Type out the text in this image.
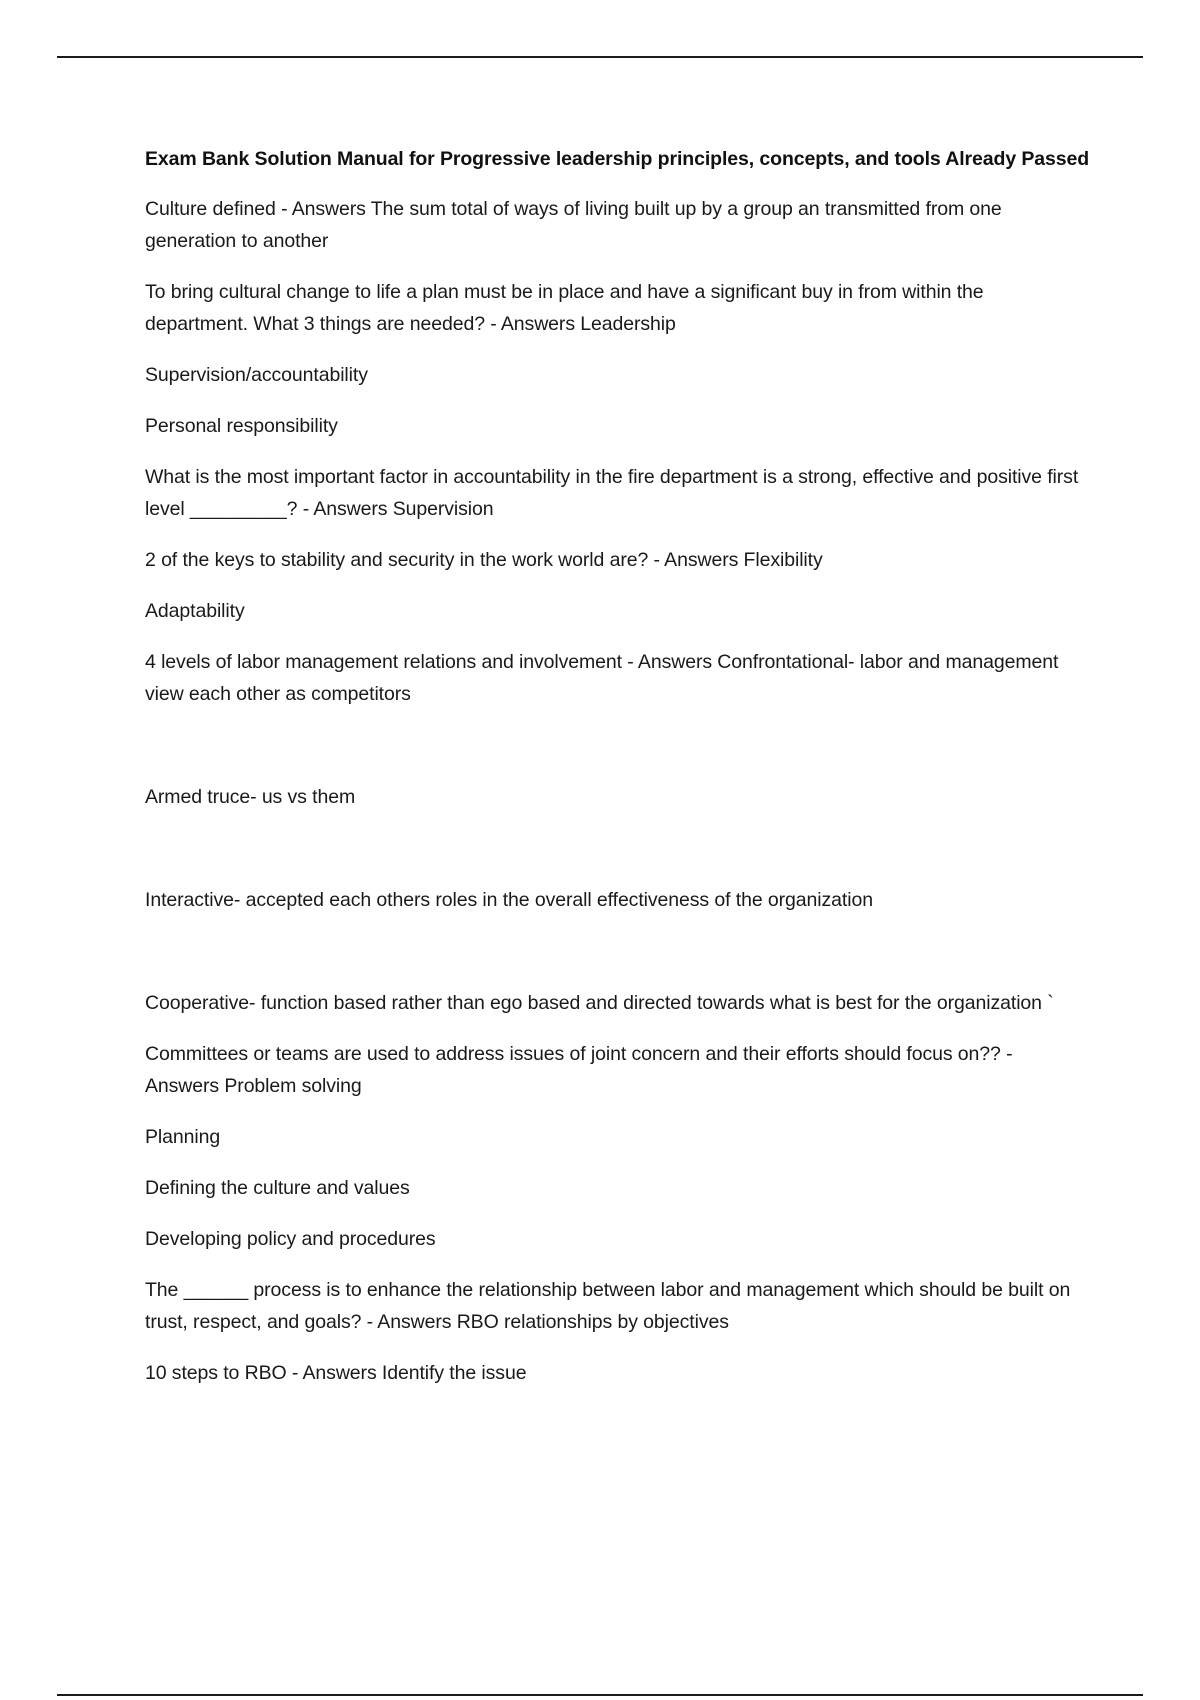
Exam Bank Solution Manual for Progressive leadership principles, concepts, and tools Already Passed

Culture defined - Answers The sum total of ways of living built up by a group an transmitted from one generation to another

To bring cultural change to life a plan must be in place and have a significant buy in from within the department. What 3 things are needed? - Answers Leadership

Supervision/accountability

Personal responsibility

What is the most important factor in accountability in the fire department is a strong, effective and positive first level _________? - Answers Supervision

2 of the keys to stability and security in the work world are? - Answers Flexibility

Adaptability

4 levels of labor management relations and involvement - Answers Confrontational- labor and management view each other as competitors

Armed truce- us vs them

Interactive- accepted each others roles in the overall effectiveness of the organization

Cooperative- function based rather than ego based and directed towards what is best for the organization `

Committees or teams are used to address issues of joint concern and their efforts should focus on?? - Answers Problem solving

Planning

Defining the culture and values

Developing policy and procedures

The ______ process is to enhance the relationship between labor and management which should be built on trust, respect, and goals? - Answers RBO relationships by objectives

10 steps to RBO - Answers Identify the issue
